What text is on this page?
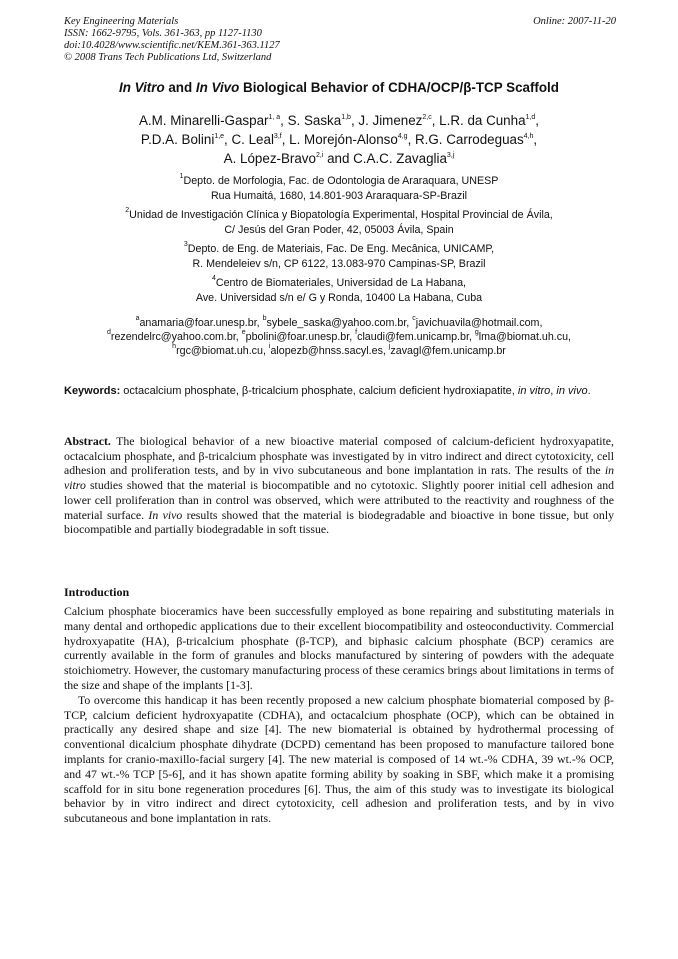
Key Engineering Materials
ISSN: 1662-9795, Vols. 361-363, pp 1127-1130
doi:10.4028/www.scientific.net/KEM.361-363.1127
© 2008 Trans Tech Publications Ltd, Switzerland
Online: 2007-11-20
In Vitro and In Vivo Biological Behavior of CDHA/OCP/β-TCP Scaffold
A.M. Minarelli-Gaspar$^{1, a}$, S. Saska$^{1,b}$, J. Jimenez$^{2,c}$, L.R. da Cunha$^{1,d}$,
P.D.A. Bolini$^{1,e}$, C. Leal$^{3,f}$, L. Morejón-Alonso$^{4,g}$, R.G. Carrodeguas$^{4,h}$,
A. López-Bravo$^{2,i}$ and C.A.C. Zavaglia$^{3,j}$
$^1$Depto. de Morfologia, Fac. de Odontologia de Araraquara, UNESP
Rua Humaitá, 1680, 14.801-903 Araraquara-SP-Brazil
$^2$Unidad de Investigación Clínica y Biopatología Experimental, Hospital Provincial de Ávila,
C/ Jesús del Gran Poder, 42, 05003 Ávila, Spain
$^3$Depto. de Eng. de Materiais, Fac. De Eng. Mecânica, UNICAMP,
R. Mendeleiev s/n, CP 6122, 13.083-970 Campinas-SP, Brazil
$^4$Centro de Biomateriales, Universidad de La Habana,
Ave. Universidad s/n e/ G y Ronda, 10400 La Habana, Cuba
$^a$anamaria@foar.unesp.br, $^b$sybele_saska@yahoo.com.br, $^c$javichuavila@hotmail.com,
$^d$rezendelrc@yahoo.com.br, $^e$pbolini@foar.unesp.br, $^f$claudi@fem.unicamp.br, $^g$lma@biomat.uh.cu,
$^h$rgc@biomat.uh.cu, $^i$alopezb@hnss.sacyl.es, $^j$zavagl@fem.unicamp.br
Keywords: octacalcium phosphate, β-tricalcium phosphate, calcium deficient hydroxiapatite, in vitro, in vivo.
Abstract. The biological behavior of a new bioactive material composed of calcium-deficient hydroxyapatite, octacalcium phosphate, and β-tricalcium phosphate was investigated by in vitro indirect and direct cytotoxicity, cell adhesion and proliferation tests, and by in vivo subcutaneous and bone implantation in rats. The results of the in vitro studies showed that the material is biocompatible and no cytotoxic. Slightly poorer initial cell adhesion and lower cell proliferation than in control was observed, which were attributed to the reactivity and roughness of the material surface. In vivo results showed that the material is biodegradable and bioactive in bone tissue, but only biocompatible and partially biodegradable in soft tissue.
Introduction

Calcium phosphate bioceramics have been successfully employed as bone repairing and substituting materials in many dental and orthopedic applications due to their excellent biocompatibility and osteoconductivity. Commercial hydroxyapatite (HA), β-tricalcium phosphate (β-TCP), and biphasic calcium phosphate (BCP) ceramics are currently available in the form of granules and blocks manufactured by sintering of powders with the adequate stoichiometry. However, the customary manufacturing process of these ceramics brings about limitations in terms of the size and shape of the implants [1-3].

To overcome this handicap it has been recently proposed a new calcium phosphate biomaterial composed by β-TCP, calcium deficient hydroxyapatite (CDHA), and octacalcium phosphate (OCP), which can be obtained in practically any desired shape and size [4]. The new biomaterial is obtained by hydrothermal processing of conventional dicalcium phosphate dihydrate (DCPD) cementand has been proposed to manufacture tailored bone implants for cranio-maxillo-facial surgery [4]. The new material is composed of 14 wt.-% CDHA, 39 wt.-% OCP, and 47 wt.-% TCP [5-6], and it has shown apatite forming ability by soaking in SBF, which make it a promising scaffold for in situ bone regeneration procedures [6]. Thus, the aim of this study was to investigate its biological behavior by in vitro indirect and direct cytotoxicity, cell adhesion and proliferation tests, and by in vivo subcutaneous and bone implantation in rats.
